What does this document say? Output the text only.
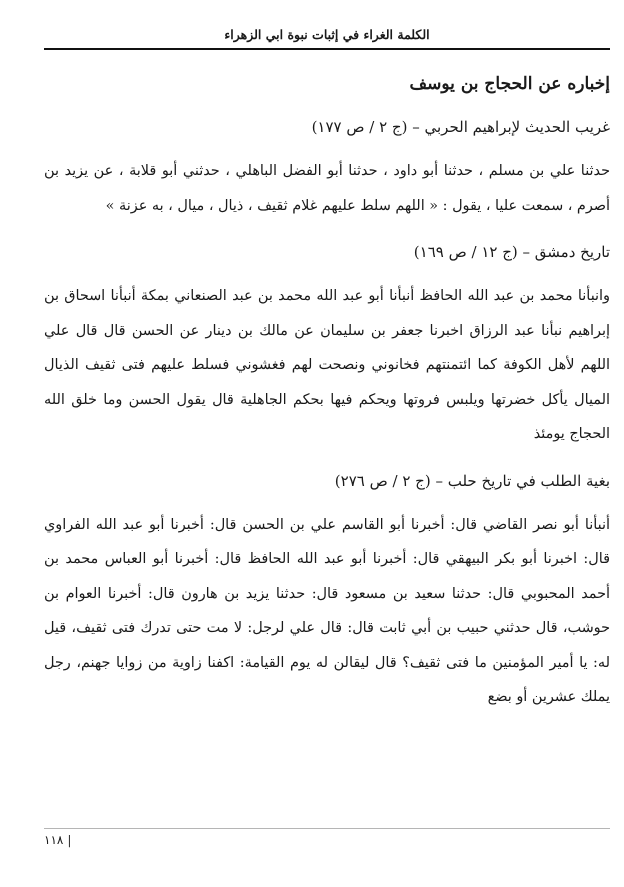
الكلمة الغراء في إثبات نبوة ابي الزهراء
إخباره عن الحجاج بن يوسف

غريب الحديث لإبراهيم الحربي – (ج ٢ / ص ١٧٧)

حدثنا علي بن مسلم ، حدثنا أبو داود ، حدثنا أبو الفضل الباهلي ، حدثني أبو قلابة ، عن يزيد بن أصرم ، سمعت عليا ، يقول : « اللهم سلط عليهم غلام ثقيف ، ذيال ، ميال ، به عزنة »

تاريخ دمشق – (ج ١٢ / ص ١٦٩)

وانبأنا محمد بن عبد الله الحافظ أنبأنا أبو عبد الله محمد بن عبد الصنعاني بمكة أنبأنا اسحاق بن إبراهيم نبأنا عبد الرزاق اخبرنا جعفر بن سليمان عن مالك بن دينار عن الحسن قال قال علي اللهم لأهل الكوفة كما ائتمنتهم فخانوني ونصحت لهم فغشوني فسلط عليهم فتى ثقيف الذيال الميال يأكل خضرتها ويلبس فروتها ويحكم فيها بحكم الجاهلية قال يقول الحسن وما خلق الله الحجاج يومئذ

بغية الطلب في تاريخ حلب – (ج ٢ / ص ٢٧٦)

أنبأنا أبو نصر القاضي قال: أخبرنا أبو القاسم علي بن الحسن قال: أخبرنا أبو عبد الله الفراوي قال: اخبرنا أبو بكر البيهقي قال: أخبرنا أبو عبد الله الحافظ قال: أخبرنا أبو العباس محمد بن أحمد المحبوبي قال: حدثنا سعيد بن مسعود قال: حدثنا يزيد بن هارون قال: أخبرنا العوام بن حوشب، قال حدثني حبيب بن أبي ثابت قال: قال علي لرجل: لا مت حتى تدرك فتى ثقيف، قيل له: يا أمير المؤمنين ما فتى ثقيف؟ قال ليقالن له يوم القيامة: اكفنا زاوية من زوايا جهنم، رجل يملك عشرين أو بضع

١١٨ |
